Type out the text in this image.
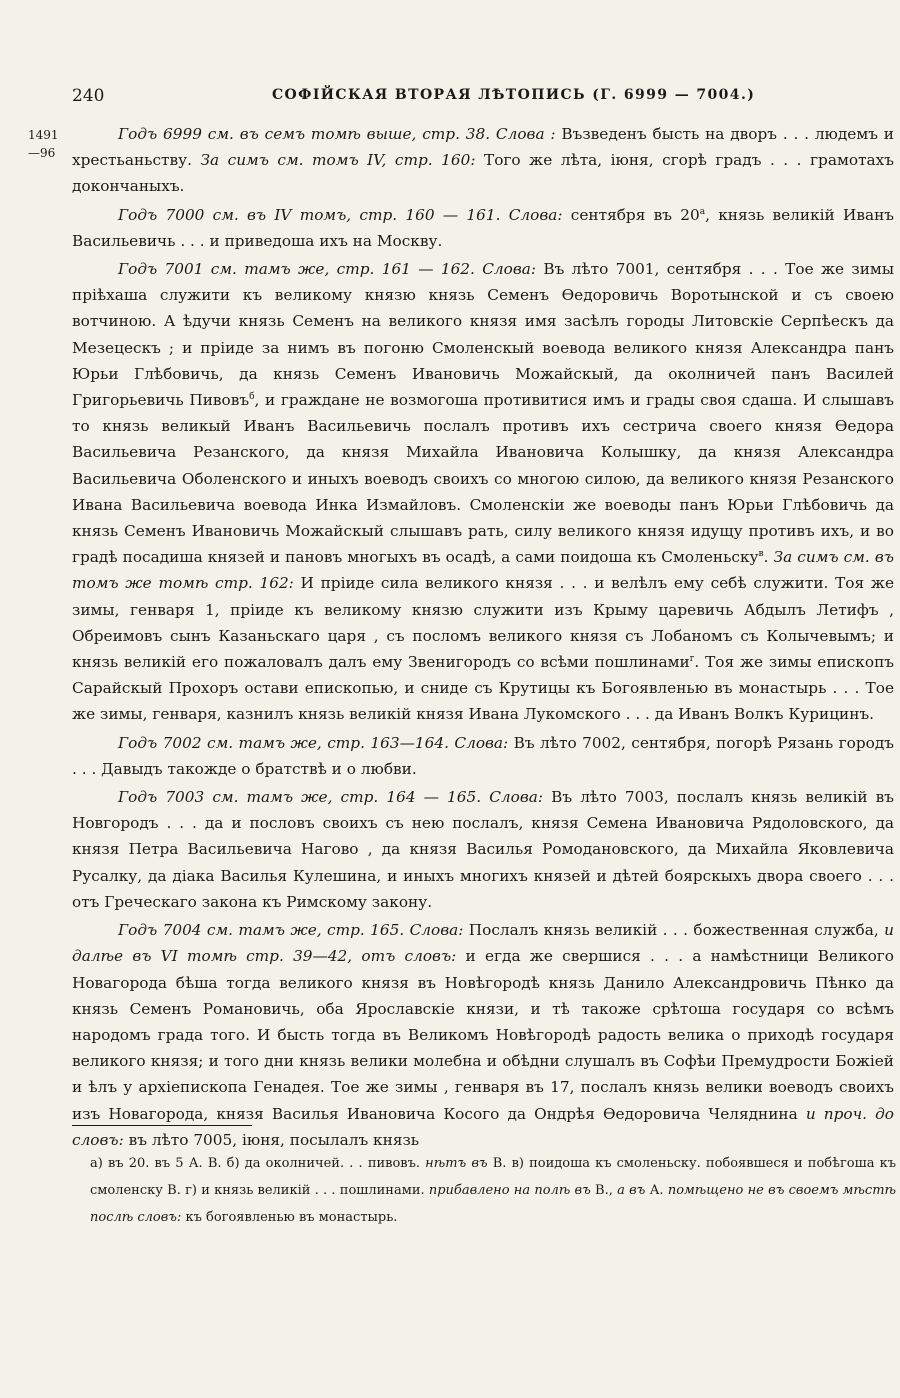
240	СОФІЙСКАЯ ВТОРАЯ ЛѢТОПИСЬ (Г. 6999 — 7004.)
1491
—96

Годъ 6999 см. въ семъ томѣ выше, стр. 38. Слова : Възведенъ бысть на дворъ . . . людемъ и хрестьаньству. За симъ см. томъ IV, стр. 160: Того же лѣта, іюня, сгорѣ градъ . . . грамотахъ докончаныхъ.

Годъ 7000 см. въ IV томъ, стр. 160 — 161. Слова: сентября въ $20^а$, князь великій Иванъ Васильевичь . . . и приведоша ихъ на Москву.

Годъ 7001 см. тамъ же, стр. 161 — 162. Слова: Въ лѣто 7001, сентября . . . Тое же зимы пріѣхаша служити къ великому князю князь Семенъ Ѳедоровичь Воротынской и съ своею вотчиною. А ѣдучи князь Семенъ на великого князя имя засѣлъ городы Литовскіе Серпѣескъ да Мезецескъ ; и пріиде за нимъ въ погоню Смоленскый воевода великого князя Александра панъ Юрьи Глѣбовичь, да князь Семенъ Ивановичь Можайскый, да околничей панъ Василей Григорьевичь Пивовъ$^б$, и граждане не возмогоша противитися имъ и грады своя сдаша. И слышавъ то князь великый Иванъ Васильевичь послалъ противъ ихъ сестрича своего князя Ѳедора Васильевича Резанского, да князя Михайла Ивановича Колышку, да князя Александра Васильевича Оболенского и иныхъ воеводъ своихъ со многою силою, да великого князя Резанского Ивана Васильевича воевода Инка Измайловъ. Смоленскіи же воеводы панъ Юрьи Глѣбовичь да князь Семенъ Ивановичь Можайскый слышавъ рать, силу великого князя идущу противъ ихъ, и во градѣ посадиша князей и пановъ многыхъ въ осадѣ, а сами поидоша къ Смоленьску$^в$. За симъ см. въ томъ же томѣ стр. 162: И пріиде сила великого князя . . . и велѣлъ ему себѣ служити. Тоя же зимы, генваря 1, пріиде къ великому князю служити изъ Крыму царевичь Абдылъ Летифъ , Обреимовъ сынъ Казаньскаго царя , съ посломъ великого князя съ Лобаномъ съ Колычевымъ; и князь великій его пожаловалъ далъ ему Звенигородъ со всѣми пошлинами$^г$. Тоя же зимы епископъ Сарайскый Прохоръ остави епископью, и сниде съ Крутицы къ Богоявленью въ монастырь . . . Тое же зимы, генваря, казнилъ князь великій князя Ивана Лукомского . . . да Иванъ Волкъ Курицинъ.

Годъ 7002 см. тамъ же, стр. 163—164. Слова: Въ лѣто 7002, сентября, погорѣ Рязань городъ . . . Давыдъ такожде о братствѣ и о любви.

Годъ 7003 см. тамъ же, стр. 164 — 165. Слова: Въ лѣто 7003, послалъ князь великій въ Новгородъ . . . да и пословъ своихъ съ нею послалъ, князя Семена Ивановича Рядоловского, да князя Петра Васильевича Нагово , да князя Василья Ромодановского, да Михайла Яковлевича Русалку, да діака Василья Кулешина, и иныхъ многихъ князей и дѣтей боярскыхъ двора своего . . . отъ Греческаго закона къ Римскому закону.

Годъ 7004 см. тамъ же, стр. 165. Слова: Послалъ князь великій . . . божественная служба, и далѣе въ VI томѣ стр. 39—42, отъ словъ: и егда же свершися . . . а намѣстници Великого Новагорода бѣша тогда великого князя въ Новѣгородѣ князь Данило Александровичь Пѣнко да князь Семенъ Романовичь, оба Ярославскіе князи, и тѣ такоже срѣтоша государя со всѣмъ народомъ града того. И бысть тогда въ Великомъ Новѣгородѣ радость велика о приходѣ государя великого князя; и того дни князь велики молебна и обѣдни слушалъ въ Софѣи Премудрости Божіей и ѣлъ у архіепископа Генадея. Тое же зимы , генваря въ 17, послалъ князь велики воеводъ своихъ изъ Новагорода, князя Василья Ивановича Косого да Ондрѣя Ѳедоровича Челяднина и проч. до словъ: въ лѣто 7005, іюня, посылалъ князь

а) въ 20. въ 5 А. В. б) да околничей. . . пивовъ. нѣтъ въ В. в) поидоша къ смоленьску. побоявшеся и побѣгоша къ смоленску В. г) и князь великій . . . пошлинами. прибавлено на полѣ въ В., а въ А. помѣщено не въ своемъ мѣстѣ послѣ словъ: къ богоявленью въ монастырь.
